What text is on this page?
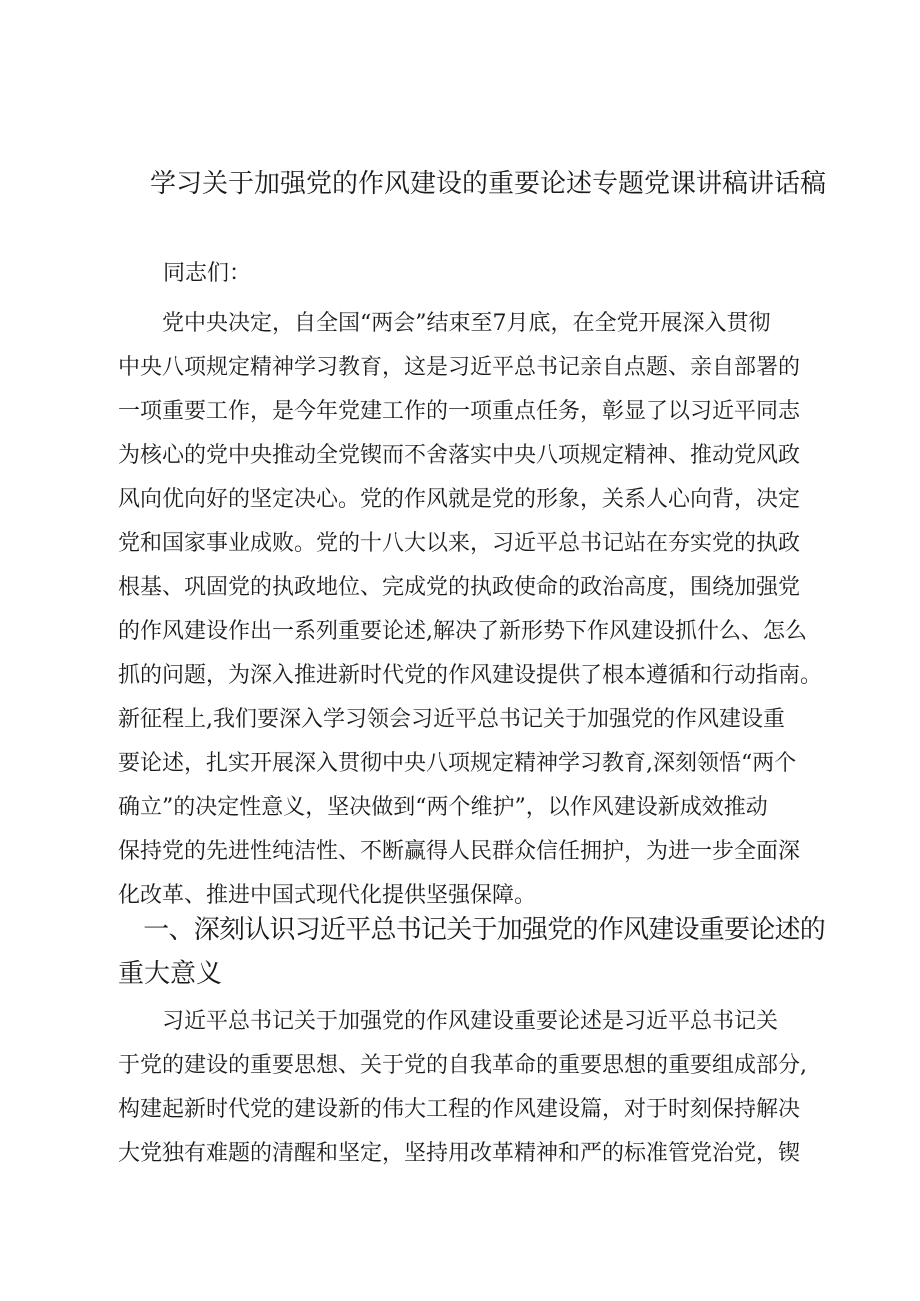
学习关于加强党的作风建设的重要论述专题党课讲稿讲话稿
同志们：
　　党中央决定，自全国“两会”结束至7月底，在全党开展深入贯彻
中央八项规定精神学习教育，这是习近平总书记亲自点题、亲自部署的
一项重要工作，是今年党建工作的一项重点任务，彰显了以习近平同志
为核心的党中央推动全党锲而不舍落实中央八项规定精神、推动党风政
风向优向好的坚定决心。党的作风就是党的形象，关系人心向背，决定
党和国家事业成败。党的十八大以来，习近平总书记站在夯实党的执政
根基、巩固党的执政地位、完成党的执政使命的政治高度，围绕加强党
的作风建设作出一系列重要论述,解决了新形势下作风建设抓什么、怎么
抓的问题，为深入推进新时代党的作风建设提供了根本遵循和行动指南。
新征程上,我们要深入学习领会习近平总书记关于加强党的作风建设重
要论述，扎实开展深入贯彻中央八项规定精神学习教育,深刻领悟“两个
确立”的决定性意义，坚决做到“两个维护”，以作风建设新成效推动
保持党的先进性纯洁性、不断赢得人民群众信任拥护，为进一步全面深
化改革、推进中国式现代化提供坚强保障。
　一、深刻认识习近平总书记关于加强党的作风建设重要论述的
重大意义
　　习近平总书记关于加强党的作风建设重要论述是习近平总书记关
于党的建设的重要思想、关于党的自我革命的重要思想的重要组成部分,
构建起新时代党的建设新的伟大工程的作风建设篇，对于时刻保持解决
大党独有难题的清醒和坚定，坚持用改革精神和严的标准管党治党，锲
